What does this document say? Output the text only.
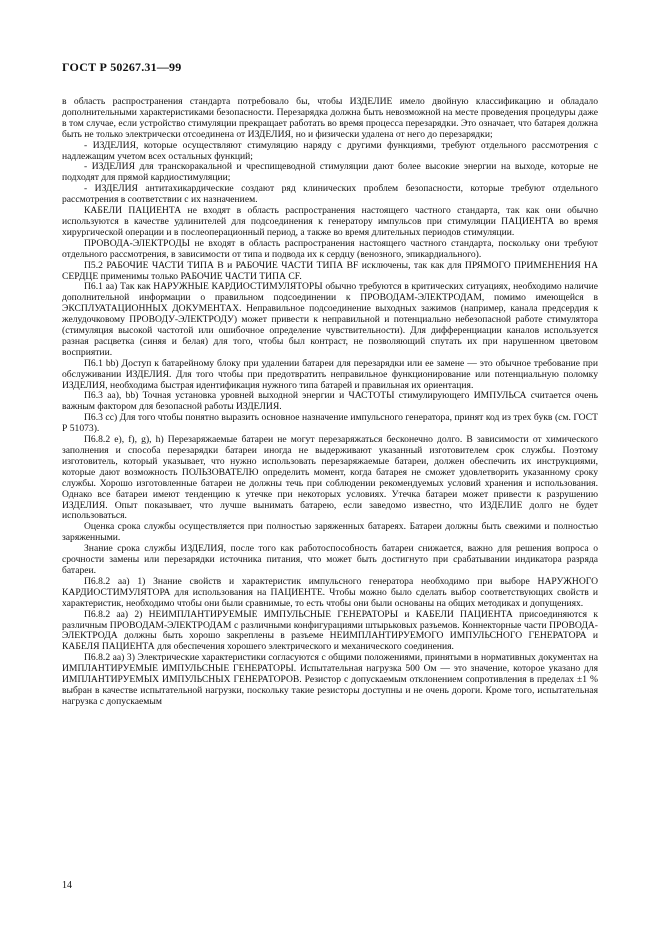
ГОСТ Р 50267.31—99

в область распространения стандарта потребовало бы, чтобы ИЗДЕЛИЕ имело двойную классификацию и обладало дополнительными характеристиками безопасности. Перезарядка должна быть невозможной на месте проведения процедуры даже в том случае, если устройство стимуляции прекращает работать во время процесса перезарядки. Это означает, что батарея должна быть не только электрически отсоединена от ИЗДЕЛИЯ, но и физически удалена от него до перезарядки;

- ИЗДЕЛИЯ, которые осуществляют стимуляцию наряду с другими функциями, требуют отдельного рассмотрения с надлежащим учетом всех остальных функций;

- ИЗДЕЛИЯ для транскоракальной и чреспищеводной стимуляции дают более высокие энергии на выходе, которые не подходят для прямой кардиостимуляции;

- ИЗДЕЛИЯ антитахикардические создают ряд клинических проблем безопасности, которые требуют отдельного рассмотрения в соответствии с их назначением.

КАБЕЛИ ПАЦИЕНТА не входят в область распространения настоящего частного стандарта, так как они обычно используются в качестве удлинителей для подсоединения к генератору импульсов при стимуляции ПАЦИЕНТА во время хирургической операции и в послеоперационный период, а также во время длительных периодов стимуляции.

ПРОВОДА-ЭЛЕКТРОДЫ не входят в область распространения настоящего частного стандарта, поскольку они требуют отдельного рассмотрения, в зависимости от типа и подвода их к сердцу (венозного, эпикардиального).

П5.2 РАБОЧИЕ ЧАСТИ ТИПА В и РАБОЧИЕ ЧАСТИ ТИПА BF исключены, так как для ПРЯМОГО ПРИМЕНЕНИЯ НА СЕРДЦЕ применимы только РАБОЧИЕ ЧАСТИ ТИПА CF.

П6.1 аа) Так как НАРУЖНЫЕ КАРДИОСТИМУЛЯТОРЫ обычно требуются в критических ситуациях, необходимо наличие дополнительной информации о правильном подсоединении к ПРОВОДАМ-ЭЛЕКТРОДАМ, помимо имеющейся в ЭКСПЛУАТАЦИОННЫХ ДОКУМЕНТАХ. Неправильное подсоединение выходных зажимов (например, канала предсердия к желудочковому ПРОВОДУ-ЭЛЕКТРОДУ) может привести к неправильной и потенциально небезопасной работе стимулятора (стимуляция высокой частотой или ошибочное определение чувствительности). Для дифференциации каналов используется разная расцветка (синяя и белая) для того, чтобы был контраст, не позволяющий спутать их при нарушенном цветовом восприятии.

П6.1 bb) Доступ к батарейному блоку при удалении батареи для перезарядки или ее замене — это обычное требование при обслуживании ИЗДЕЛИЯ. Для того чтобы при предотвратить неправильное функционирование или потенциальную поломку ИЗДЕЛИЯ, необходима быстрая идентификация нужного типа батарей и правильная их ориентация.

П6.3 аа), bb) Точная установка уровней выходной энергии и ЧАСТОТЫ стимулирующего ИМПУЛЬСА считается очень важным фактором для безопасной работы ИЗДЕЛИЯ.

П6.3 сс) Для того чтобы понятно выразить основное назначение импульсного генератора, принят код из трех букв (см. ГОСТ Р 51073).

П6.8.2 е), f), g), h) Перезаряжаемые батареи не могут перезаряжаться бесконечно долго. В зависимости от химического заполнения и способа перезарядки батареи иногда не выдерживают указанный изготовителем срок службы. Поэтому изготовитель, который указывает, что нужно использовать перезаряжаемые батареи, должен обеспечить их инструкциями, которые дают возможность ПОЛЬЗОВАТЕЛЮ определить момент, когда батарея не сможет удовлетворить указанному сроку службы. Хорошо изготовленные батареи не должны течь при соблюдении рекомендуемых условий хранения и использования. Однако все батареи имеют тенденцию к утечке при некоторых условиях. Утечка батареи может привести к разрушению ИЗДЕЛИЯ. Опыт показывает, что лучше вынимать батарею, если заведомо известно, что ИЗДЕЛИЕ долго не будет использоваться.

Оценка срока службы осуществляется при полностью заряженных батареях. Батареи должны быть свежими и полностью заряженными.

Знание срока службы ИЗДЕЛИЯ, после того как работоспособность батареи снижается, важно для решения вопроса о срочности замены или перезарядки источника питания, что может быть достигнуто при срабатывании индикатора разряда батареи.

П6.8.2 аа) 1) Знание свойств и характеристик импульсного генератора необходимо при выборе НАРУЖНОГО КАРДИОСТИМУЛЯТОРА для использования на ПАЦИЕНТЕ. Чтобы можно было сделать выбор соответствующих свойств и характеристик, необходимо чтобы они были сравнимые, то есть чтобы они были основаны на общих методиках и допущениях.

П6.8.2 аа) 2) НЕИМПЛАНТИРУЕМЫЕ ИМПУЛЬСНЫЕ ГЕНЕРАТОРЫ и КАБЕЛИ ПАЦИЕНТА присоединяются к различным ПРОВОДАМ-ЭЛЕКТРОДАМ с различными конфигурациями штырьковых разъемов. Коннекторные части ПРОВОДА-ЭЛЕКТРОДА должны быть хорошо закреплены в разъеме НЕИМПЛАНТИРУЕМОГО ИМПУЛЬСНОГО ГЕНЕРАТОРА и КАБЕЛЯ ПАЦИЕНТА для обеспечения хорошего электрического и механического соединения.

П6.8.2 аа) 3) Электрические характеристики согласуются с общими положениями, принятыми в нормативных документах на ИМПЛАНТИРУЕМЫЕ ИМПУЛЬСНЫЕ ГЕНЕРАТОРЫ. Испытательная нагрузка 500 Ом — это значение, которое указано для ИМПЛАНТИРУЕМЫХ ИМПУЛЬСНЫХ ГЕНЕРАТОРОВ. Резистор с допускаемым отклонением сопротивления в пределах ±1 % выбран в качестве испытательной нагрузки, поскольку такие резисторы доступны и не очень дороги. Кроме того, испытательная нагрузка с допускаемым

14
